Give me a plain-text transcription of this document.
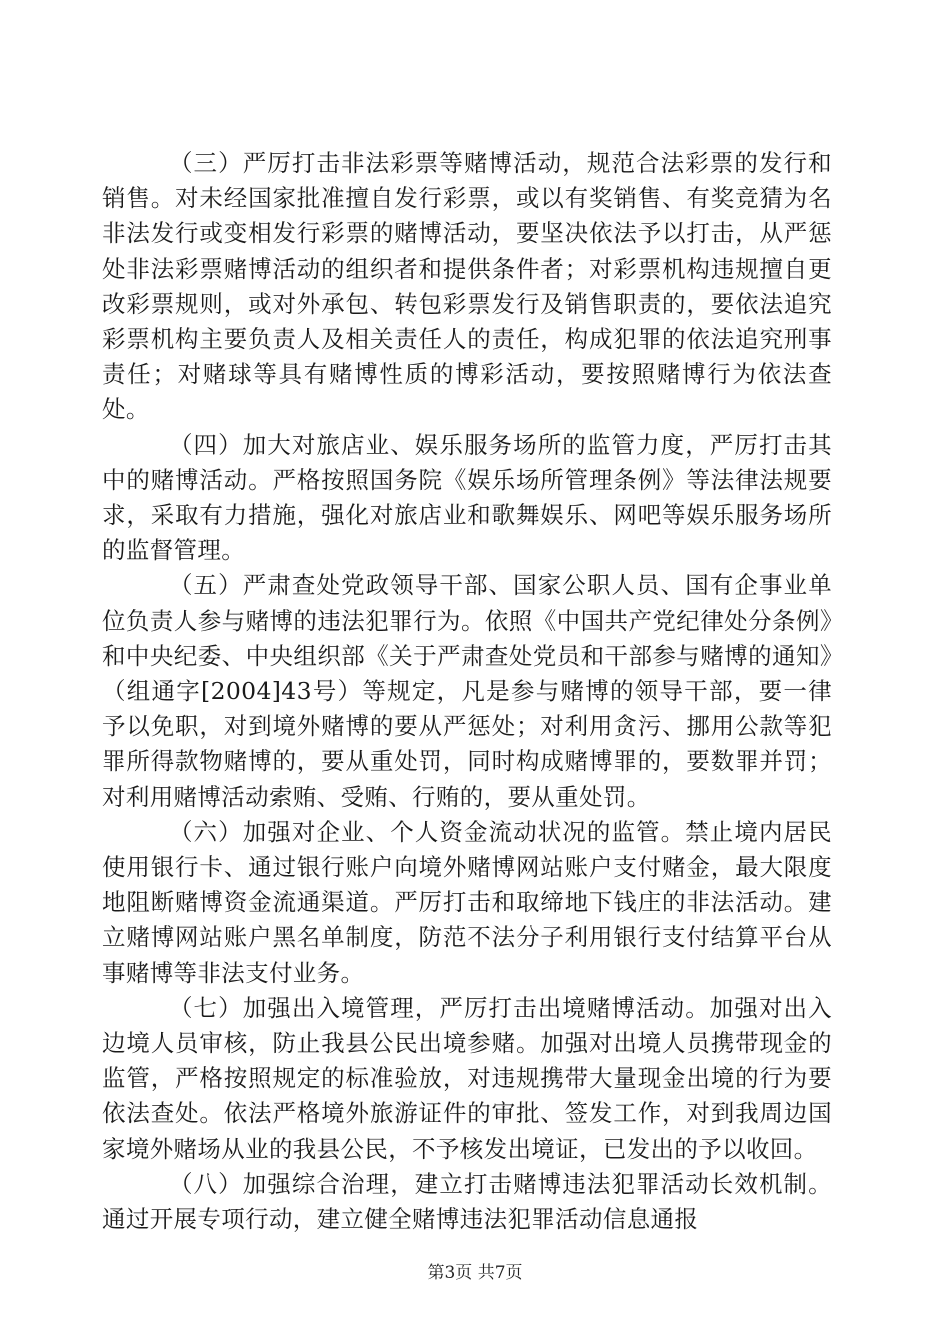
（三）严厉打击非法彩票等赌博活动，规范合法彩票的发行和销售。对未经国家批准擅自发行彩票，或以有奖销售、有奖竞猜为名非法发行或变相发行彩票的赌博活动，要坚决依法予以打击，从严惩处非法彩票赌博活动的组织者和提供条件者；对彩票机构违规擅自更改彩票规则，或对外承包、转包彩票发行及销售职责的，要依法追究彩票机构主要负责人及相关责任人的责任，构成犯罪的依法追究刑事责任；对赌球等具有赌博性质的博彩活动，要按照赌博行为依法查处。

（四）加大对旅店业、娱乐服务场所的监管力度，严厉打击其中的赌博活动。严格按照国务院《娱乐场所管理条例》等法律法规要求，采取有力措施，强化对旅店业和歌舞娱乐、网吧等娱乐服务场所的监督管理。

（五）严肃查处党政领导干部、国家公职人员、国有企事业单位负责人参与赌博的违法犯罪行为。依照《中国共产党纪律处分条例》和中央纪委、中央组织部《关于严肃查处党员和干部参与赌博的通知》（组通字[2004]43号）等规定，凡是参与赌博的领导干部，要一律予以免职，对到境外赌博的要从严惩处；对利用贪污、挪用公款等犯罪所得款物赌博的，要从重处罚，同时构成赌博罪的，要数罪并罚；对利用赌博活动索贿、受贿、行贿的，要从重处罚。

（六）加强对企业、个人资金流动状况的监管。禁止境内居民使用银行卡、通过银行账户向境外赌博网站账户支付赌金，最大限度地阻断赌博资金流通渠道。严厉打击和取缔地下钱庄的非法活动。建立赌博网站账户黑名单制度，防范不法分子利用银行支付结算平台从事赌博等非法支付业务。

（七）加强出入境管理，严厉打击出境赌博活动。加强对出入边境人员审核，防止我县公民出境参赌。加强对出境人员携带现金的监管，严格按照规定的标准验放，对违规携带大量现金出境的行为要依法查处。依法严格境外旅游证件的审批、签发工作，对到我周边国家境外赌场从业的我县公民，不予核发出境证，已发出的予以收回。

（八）加强综合治理，建立打击赌博违法犯罪活动长效机制。通过开展专项行动，建立健全赌博违法犯罪活动信息通报

第3页 共7页
